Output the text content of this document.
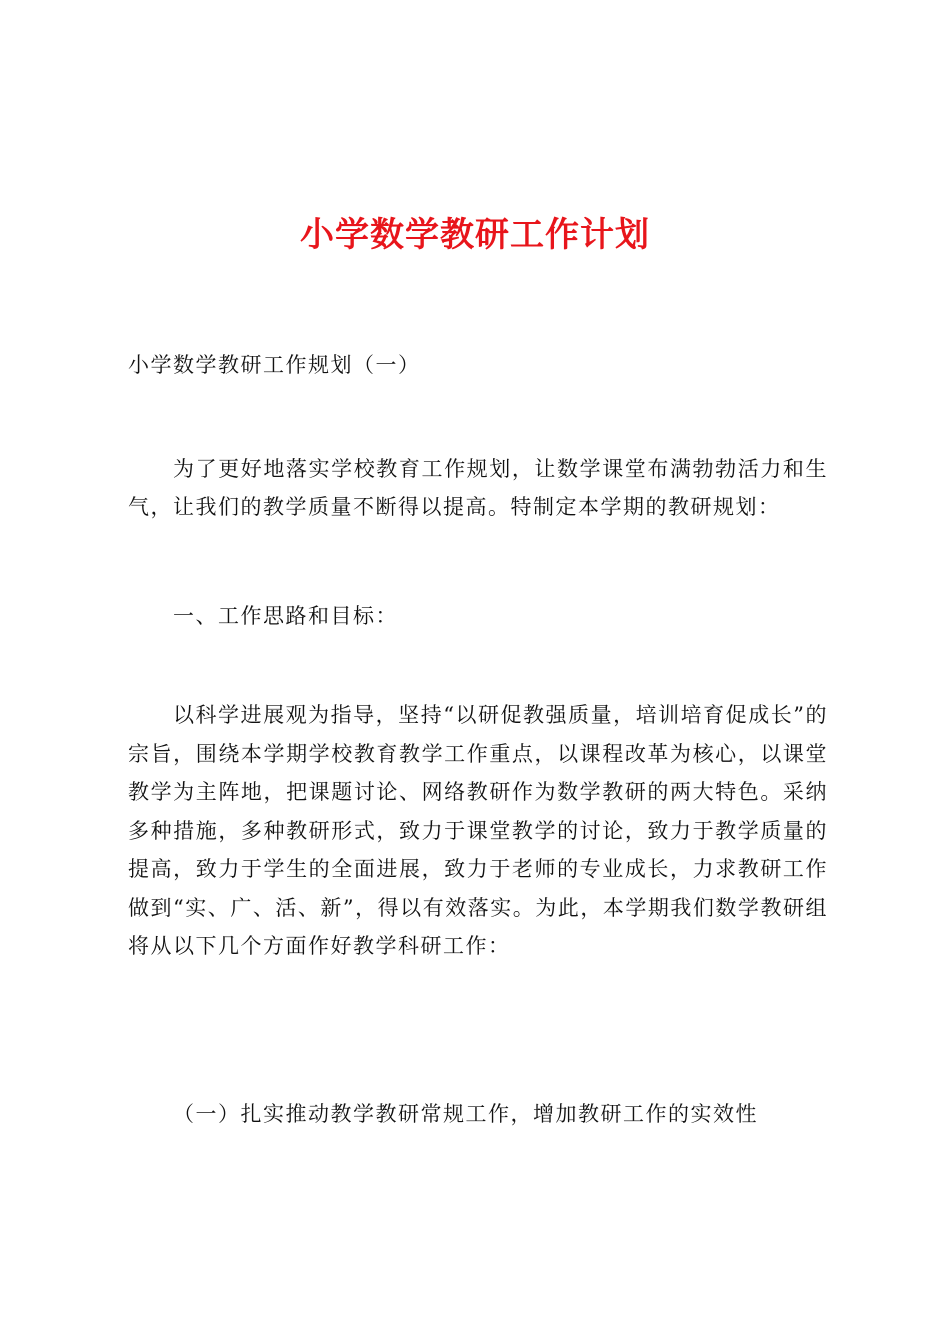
小学数学教研工作计划
小学数学教研工作规划（一）

为了更好地落实学校教育工作规划，让数学课堂布满勃勃活力和生气，让我们的教学质量不断得以提高。特制定本学期的教研规划：

一、工作思路和目标：

以科学进展观为指导，坚持“以研促教强质量，培训培育促成长”的宗旨，围绕本学期学校教育教学工作重点，以课程改革为核心，以课堂教学为主阵地，把课题讨论、网络教研作为数学教研的两大特色。采纳多种措施，多种教研形式，致力于课堂教学的讨论，致力于教学质量的提高，致力于学生的全面进展，致力于老师的专业成长，力求教研工作做到“实、广、活、新”，得以有效落实。为此，本学期我们数学教研组将从以下几个方面作好教学科研工作：

（一）扎实推动教学教研常规工作，增加教研工作的实效性
